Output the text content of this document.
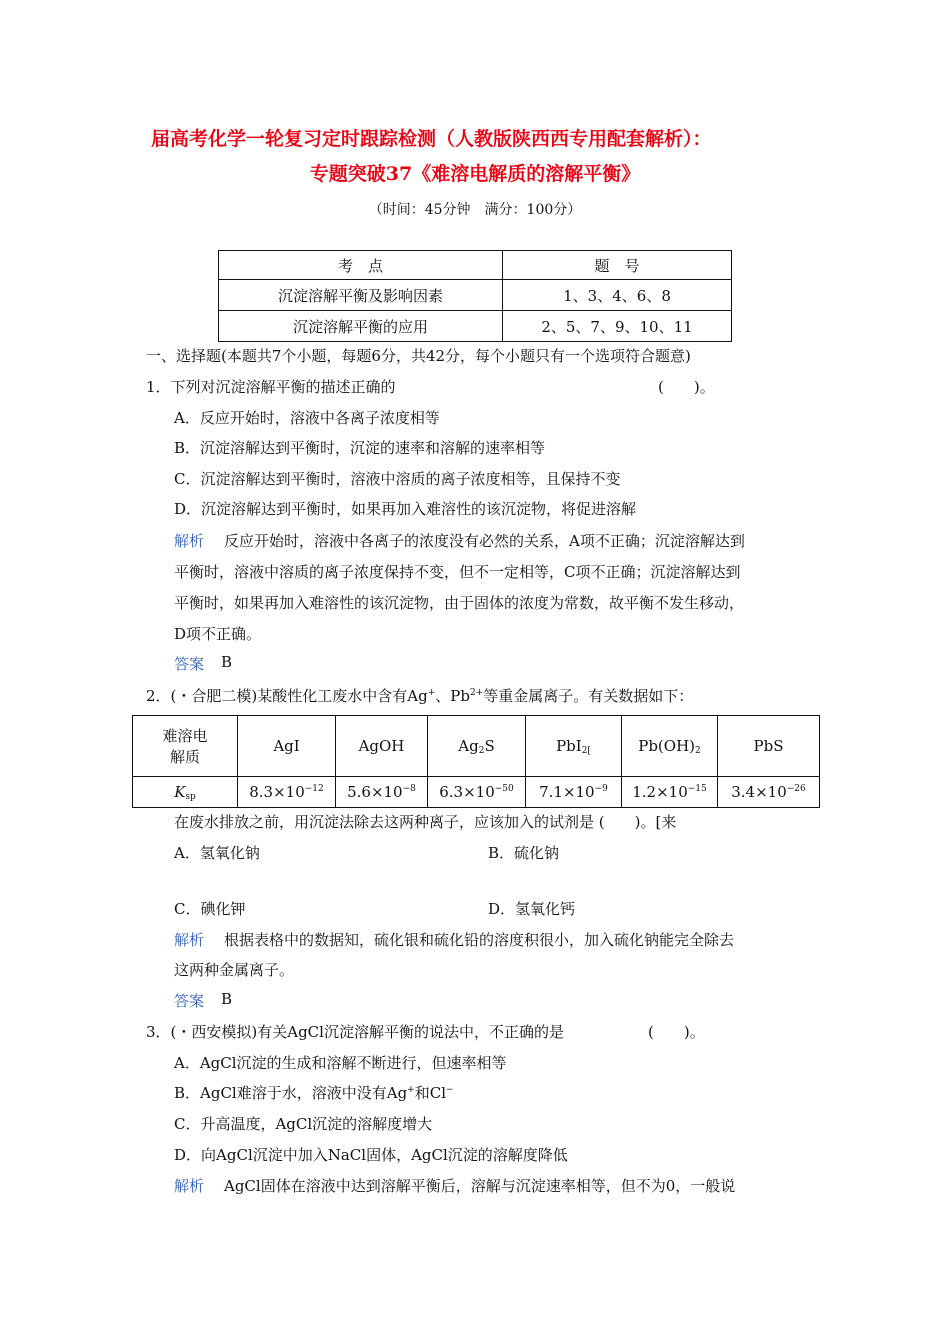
届高考化学一轮复习定时跟踪检测（人教版陕西西专用配套解析）：
专题突破37《难溶电解质的溶解平衡》
（时间：45分钟　满分：100分）
考　点	题　号
沉淀溶解平衡及影响因素	1、3、4、6、8
沉淀溶解平衡的应用	2、5、7、9、10、11
一、选择题(本题共7个小题，每题6分，共42分，每个小题只有一个选项符合题意)
1．下列对沉淀溶解平衡的描述正确的	(　　)。
A．反应开始时，溶液中各离子浓度相等
B．沉淀溶解达到平衡时，沉淀的速率和溶解的速率相等
C．沉淀溶解达到平衡时，溶液中溶质的离子浓度相等，且保持不变
D．沉淀溶解达到平衡时，如果再加入难溶性的该沉淀物，将促进溶解
解析 反应开始时，溶液中各离子的浓度没有必然的关系，A项不正确；沉淀溶解达到
平衡时，溶液中溶质的离子浓度保持不变，但不一定相等，C项不正确；沉淀溶解达到
平衡时，如果再加入难溶性的该沉淀物，由于固体的浓度为常数，故平衡不发生移动，
D项不正确。
答案 B
2．(・合肥二模)某酸性化工废水中含有Ag+、$Pb^{2+}$等重金属离子。有关数据如下：
难溶电
解质	AgI	AgOH	$Ag_2S$	PbI$_{2[}$	$Pb(OH)_2$	PbS
$K_{sp}$	$8.3\times 10^{-12}$	$5.6\times 10^{-8}$	$6.3\times 10^{-50}$	$7.1\times 10^{-9}$	$1.2\times 10^{-15}$	$3.4\times 10^{-26}$
在废水排放之前，用沉淀法除去这两种离子，应该加入的试剂是 (　　)。[来
A．氢氧化钠	B．硫化钠
C．碘化钾	D．氢氧化钙
解析 根据表格中的数据知，硫化银和硫化铅的溶度积很小，加入硫化钠能完全除去
这两种金属离子。
答案 B
3．(・西安模拟)有关AgCl沉淀溶解平衡的说法中，不正确的是	(　　)。
A．AgCl沉淀的生成和溶解不断进行，但速率相等
B．AgCl难溶于水，溶液中没有Ag+和Cl−
C．升高温度，AgCl沉淀的溶解度增大
D．向AgCl沉淀中加入NaCl固体，AgCl沉淀的溶解度降低
解析 AgCl固体在溶液中达到溶解平衡后，溶解与沉淀速率相等，但不为0，一般说
